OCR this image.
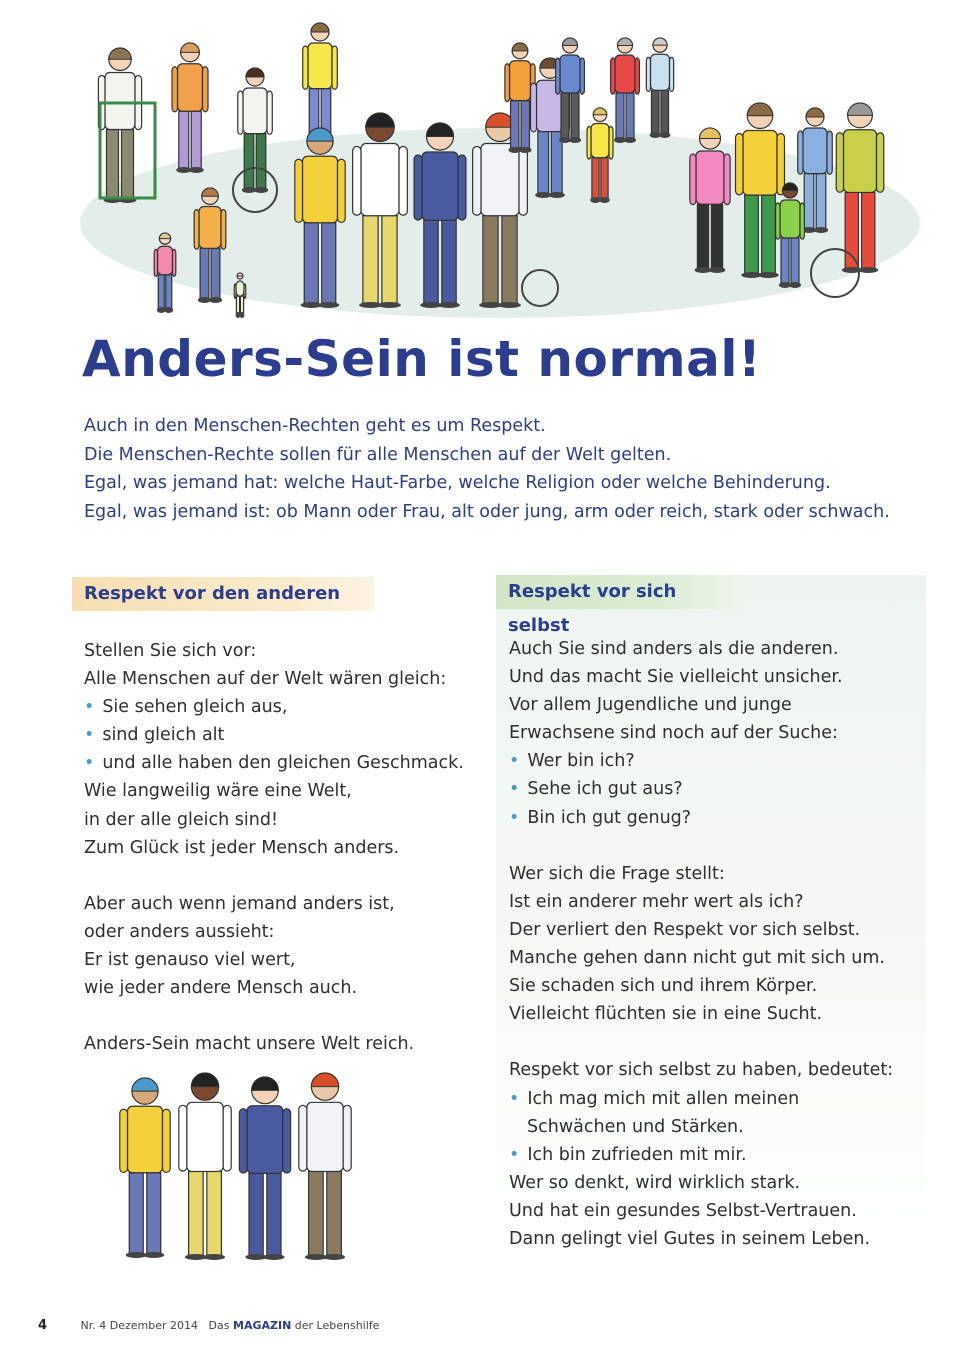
Anders-Sein ist normal!
Auch in den Menschen-Rechten geht es um Respekt.
Die Menschen-Rechte sollen für alle Menschen auf der Welt gelten.
Egal, was jemand hat: welche Haut-Farbe, welche Religion oder welche Behinderung.
Egal, was jemand ist: ob Mann oder Frau, alt oder jung, arm oder reich, stark oder schwach.
Respekt vor den anderen	Respekt vor sich selbst
Stellen Sie sich vor:
Alle Menschen auf der Welt wären gleich:
• Sie sehen gleich aus,
• sind gleich alt
• und alle haben den gleichen Geschmack.
Wie langweilig wäre eine Welt,
in der alle gleich sind!
Zum Glück ist jeder Mensch anders.
Aber auch wenn jemand anders ist,
oder anders aussieht:
Er ist genauso viel wert,
wie jeder andere Mensch auch.
Anders-Sein macht unsere Welt reich.
Auch Sie sind anders als die anderen.
Und das macht Sie vielleicht unsicher.
Vor allem Jugendliche und junge
Erwachsene sind noch auf der Suche:
• Wer bin ich?
• Sehe ich gut aus?
• Bin ich gut genug?
Wer sich die Frage stellt:
Ist ein anderer mehr wert als ich?
Der verliert den Respekt vor sich selbst.
Manche gehen dann nicht gut mit sich um.
Sie schaden sich und ihrem Körper.
Vielleicht flüchten sie in eine Sucht.
Respekt vor sich selbst zu haben, bedeutet:
• Ich mag mich mit allen meinen
Schwächen und Stärken.
• Ich bin zufrieden mit mir.
Wer so denkt, wird wirklich stark.
Und hat ein gesundes Selbst-Vertrauen.
Dann gelingt viel Gutes in seinem Leben.
4	Nr. 4 Dezember 2014 Das MAGAZIN der Lebenshilfe
